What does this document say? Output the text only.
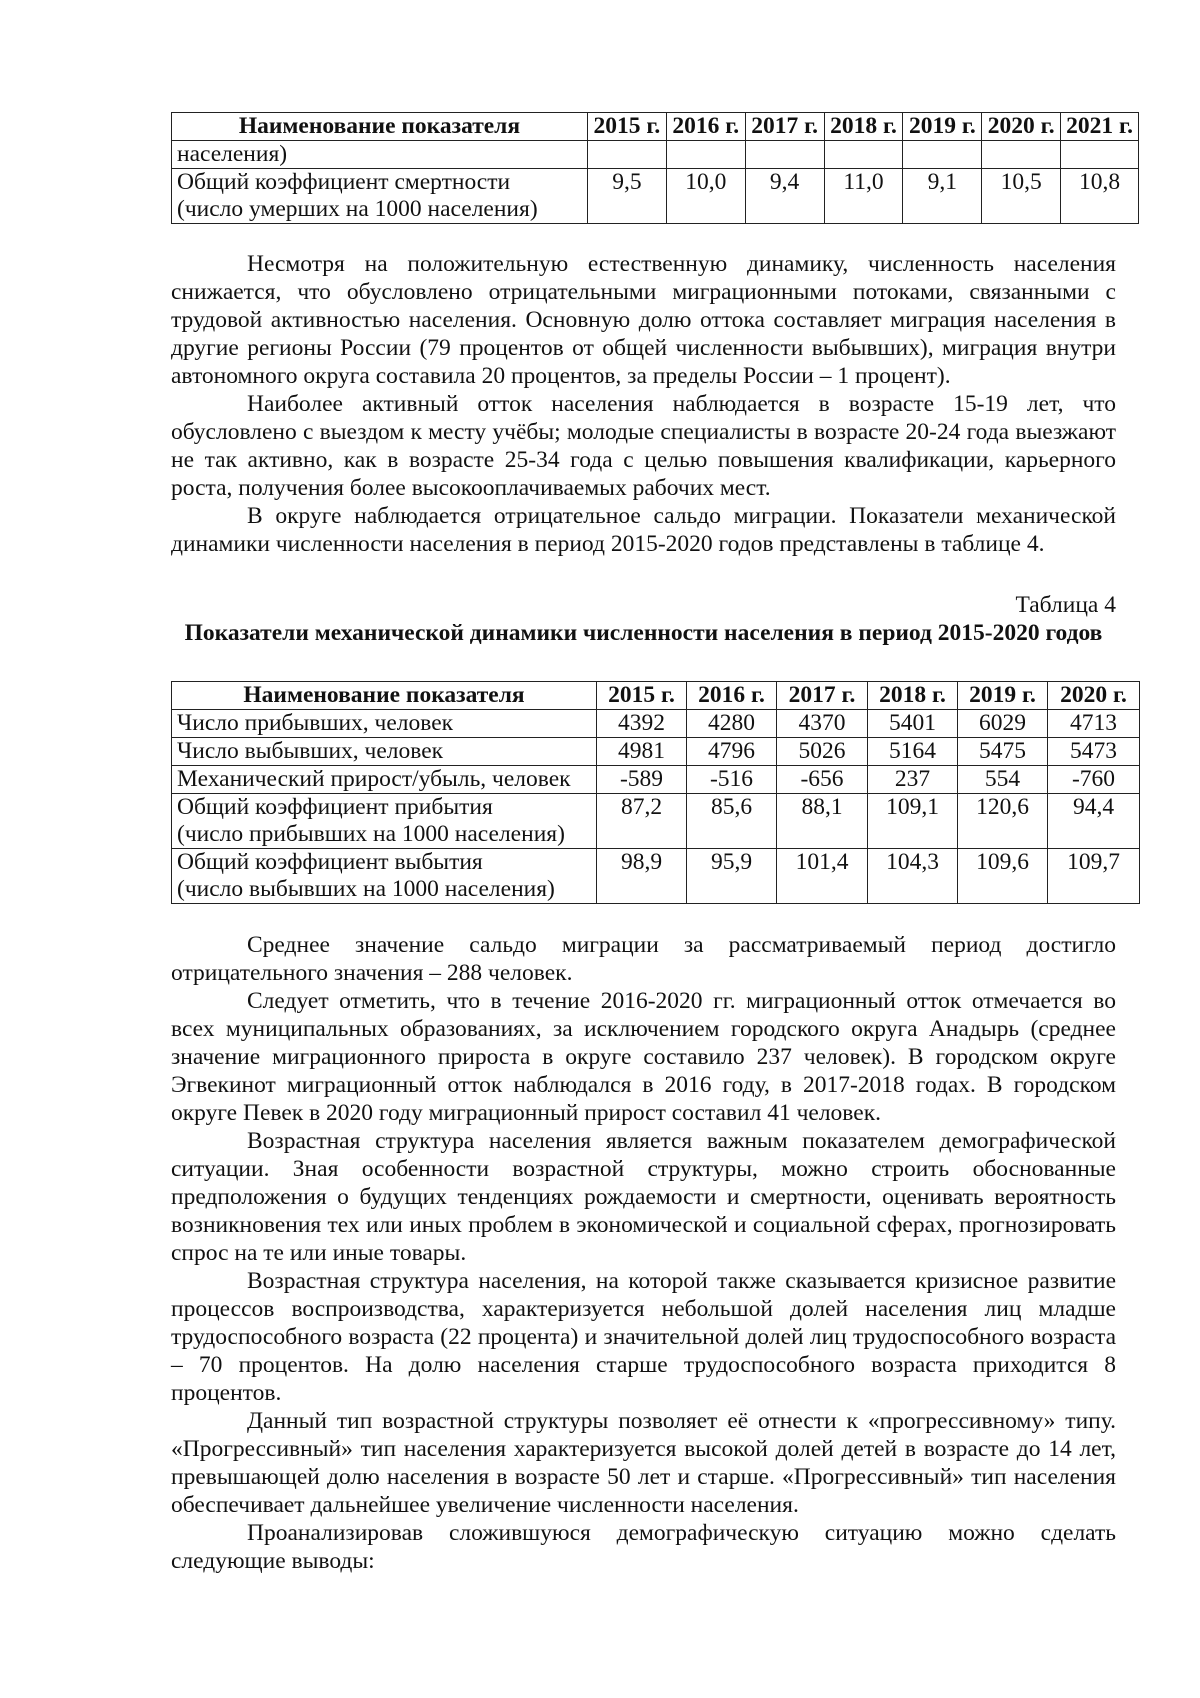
Наименование показателя	2015 г.	2016 г.	2017 г.	2018 г.	2019 г.	2020 г.	2021 г.
населения)							
Общий коэффициент смертности
(число умерших на 1000 населения)	9,5	10,0	9,4	11,0	9,1	10,5	10,8

Несмотря на положительную естественную динамику, численность населения снижается, что обусловлено отрицательными миграционными потоками, связанными с трудовой активностью населения. Основную долю оттока составляет миграция населения в другие регионы России (79 процентов от общей численности выбывших), миграция внутри автономного округа составила 20 процентов, за пределы России – 1 процент).

Наиболее активный отток населения наблюдается в возрасте 15-19 лет, что обусловлено с выездом к месту учёбы; молодые специалисты в возрасте 20-24 года выезжают не так активно, как в возрасте 25-34 года с целью повышения квалификации, карьерного роста, получения более высокооплачиваемых рабочих мест.

В округе наблюдается отрицательное сальдо миграции. Показатели механической динамики численности населения в период 2015-2020 годов представлены в таблице 4.

Таблица 4

Показатели механической динамики численности населения в период 2015-2020 годов

Наименование показателя	2015 г.	2016 г.	2017 г.	2018 г.	2019 г.	2020 г.
Число прибывших, человек	4392	4280	4370	5401	6029	4713
Число выбывших, человек	4981	4796	5026	5164	5475	5473
Механический прирост/убыль, человек	-589	-516	-656	237	554	-760
Общий коэффициент прибытия
(число прибывших на 1000 населения)	87,2	85,6	88,1	109,1	120,6	94,4
Общий коэффициент выбытия
(число выбывших на 1000 населения)	98,9	95,9	101,4	104,3	109,6	109,7

Среднее значение сальдо миграции за рассматриваемый период достигло отрицательного значения – 288 человек.

Следует отметить, что в течение 2016-2020 гг. миграционный отток отмечается во всех муниципальных образованиях, за исключением городского округа Анадырь (среднее значение миграционного прироста в округе составило 237 человек). В городском округе Эгвекинот миграционный отток наблюдался в 2016 году, в 2017-2018 годах. В городском округе Певек в 2020 году миграционный прирост составил 41 человек.

Возрастная структура населения является важным показателем демографической ситуации. Зная особенности возрастной структуры, можно строить обоснованные предположения о будущих тенденциях рождаемости и смертности, оценивать вероятность возникновения тех или иных проблем в экономической и социальной сферах, прогнозировать спрос на те или иные товары.

Возрастная структура населения, на которой также сказывается кризисное развитие процессов воспроизводства, характеризуется небольшой долей населения лиц младше трудоспособного возраста (22 процента) и значительной долей лиц трудоспособного возраста – 70 процентов. На долю населения старше трудоспособного возраста приходится 8 процентов.

Данный тип возрастной структуры позволяет её отнести к «прогрессивному» типу. «Прогрессивный» тип населения характеризуется высокой долей детей в возрасте до 14 лет, превышающей долю населения в возрасте 50 лет и старше. «Прогрессивный» тип населения обеспечивает дальнейшее увеличение численности населения.

Проанализировав сложившуюся демографическую ситуацию можно сделать следующие выводы:
